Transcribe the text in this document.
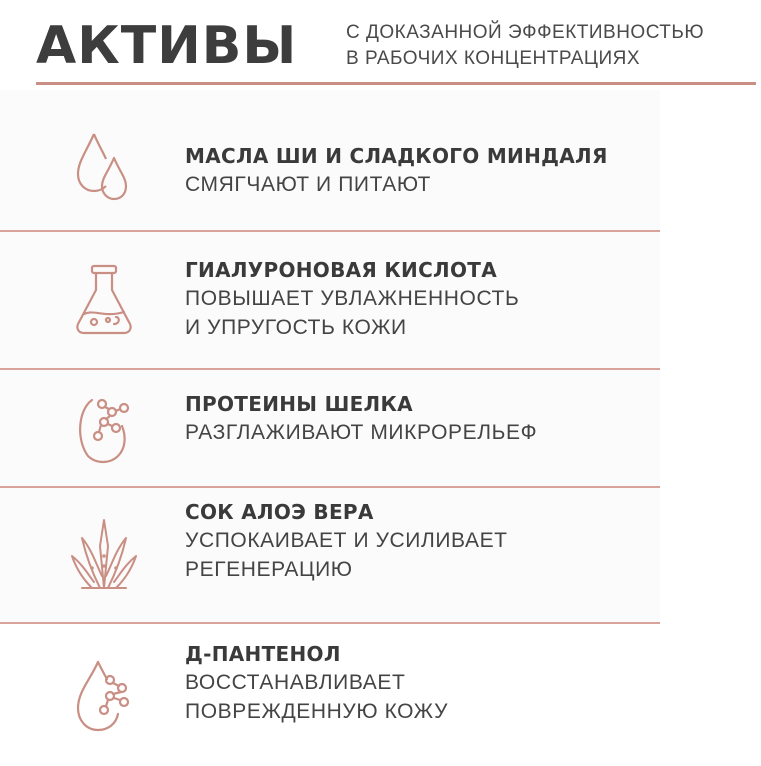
АКТИВЫ	С ДОКАЗАННОЙ ЭФФЕКТИВНОСТЬЮ
В РАБОЧИХ КОНЦЕНТРАЦИЯХ
МАСЛА ШИ И СЛАДКОГО МИНДАЛЯ
СМЯГЧАЮТ И ПИТАЮТ
ГИАЛУРОНОВАЯ КИСЛОТА
ПОВЫШАЕТ УВЛАЖНЕННОСТЬ
И УПРУГОСТЬ КОЖИ
ПРОТЕИНЫ ШЕЛКА
РАЗГЛАЖИВАЮТ МИКРОРЕЛЬЕФ
СОК АЛОЭ ВЕРА
УСПОКАИВАЕТ И УСИЛИВАЕТ
РЕГЕНЕРАЦИЮ
Д-ПАНТЕНОЛ
ВОССТАНАВЛИВАЕТ
ПОВРЕЖДЕННУЮ КОЖУ
